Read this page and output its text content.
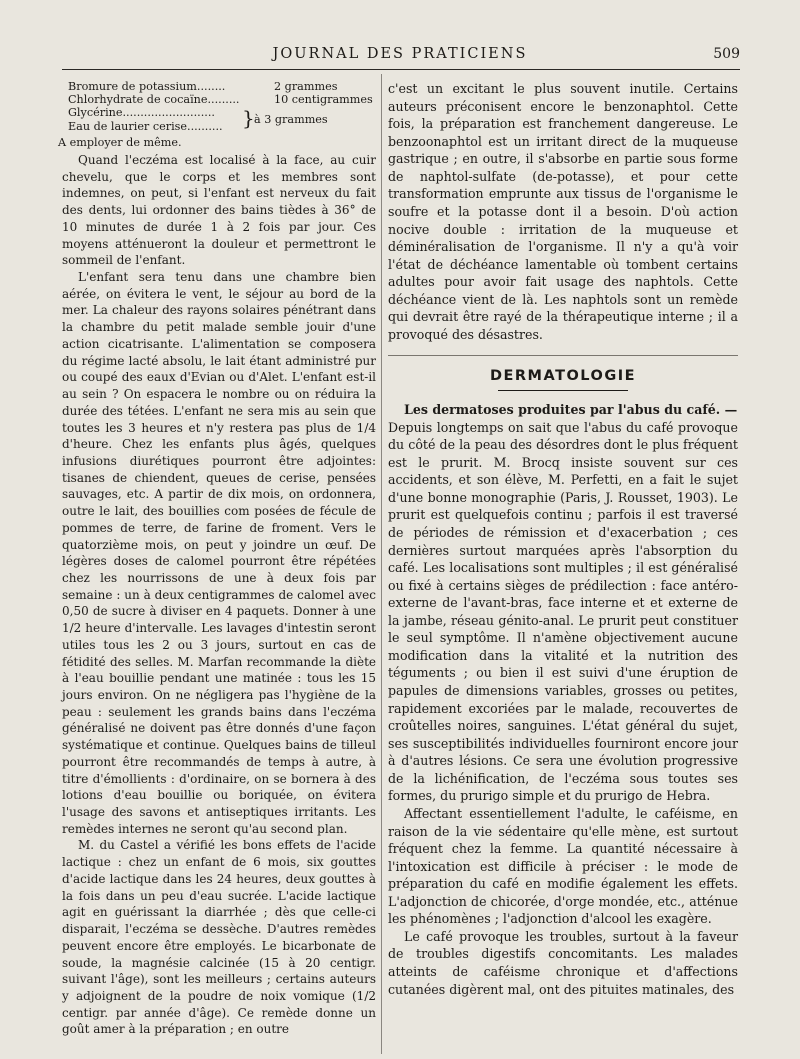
JOURNAL DES PRATICIENS	509
Bromure de potassium........	2 grammes
Chlorhydrate de cocaïne.........	10 centigrammes
Glycérine.......................... } à 3 grammes
Eau de laurier cerise..........
A employer de même.

Quand l'eczéma est localisé à la face, au cuir chevelu, que le corps et les membres sont indemnes, on peut, si l'enfant est nerveux du fait des dents, lui ordonner des bains tièdes à 36° de 10 minutes de durée 1 à 2 fois par jour. Ces moyens atténueront la douleur et permettront le sommeil de l'enfant.

L'enfant sera tenu dans une chambre bien aérée, on évitera le vent, le séjour au bord de la mer. La chaleur des rayons solaires pénétrant dans la chambre du petit malade semble jouir d'une action cicatrisante. L'alimentation se composera du régime lacté absolu, le lait étant administré pur ou coupé des eaux d'Evian ou d'Alet. L'enfant est-il au sein ? On espacera le nombre ou on réduira la durée des tétées. L'enfant ne sera mis au sein que toutes les 3 heures et n'y restera pas plus de 1/4 d'heure. Chez les enfants plus âgés, quelques infusions diurétiques pourront être adjointes: tisanes de chiendent, queues de cerise, pensées sauvages, etc. A partir de dix mois, on ordonnera, outre le lait, des bouillies com posées de fécule de pommes de terre, de farine de froment. Vers le quatorzième mois, on peut y joindre un œuf. De légères doses de calomel pourront être répétées chez les nourrissons de une à deux fois par semaine : un à deux centigrammes de calomel avec 0,50 de sucre à diviser en 4 paquets. Donner à une 1/2 heure d'intervalle. Les lavages d'intestin seront utiles tous les 2 ou 3 jours, surtout en cas de fétidité des selles. M. Marfan recommande la diète à l'eau bouillie pendant une matinée : tous les 15 jours environ. On ne négligera pas l'hygiène de la peau : seulement les grands bains dans l'eczéma généralisé ne doivent pas être donnés d'une façon systématique et continue. Quelques bains de tilleul pourront être recommandés de temps à autre, à titre d'émollients : d'ordinaire, on se bornera à des lotions d'eau bouillie ou boriquée, on évitera l'usage des savons et antiseptiques irritants. Les remèdes internes ne seront qu'au second plan.

M. du Castel a vérifié les bons effets de l'acide lactique : chez un enfant de 6 mois, six gouttes d'acide lactique dans les 24 heures, deux gouttes à la fois dans un peu d'eau sucrée. L'acide lactique agit en guérissant la diarrhée ; dès que celle-ci disparait, l'eczéma se dessèche. D'autres remèdes peuvent encore être employés. Le bicarbonate de soude, la magnésie calcinée (15 à 20 centigr. suivant l'âge), sont les meilleurs ; certains auteurs y adjoignent de la poudre de noix vomique (1/2 centigr. par année d'âge). Ce remède donne un goût amer à la préparation ; en outre

c'est un excitant le plus souvent inutile. Certains auteurs préconisent encore le benzonaphtol. Cette fois, la préparation est franchement dangereuse. Le benzoonaphtol est un irritant direct de la muqueuse gastrique ; en outre, il s'absorbe en partie sous forme de naphtol-sulfate (de-potasse), et pour cette transformation emprunte aux tissus de l'organisme le soufre et la potasse dont il a besoin. D'où action nocive double : irritation de la muqueuse et déminéralisation de l'organisme. Il n'y a qu'à voir l'état de déchéance lamentable où tombent certains adultes pour avoir fait usage des naphtols. Cette déchéance vient de là. Les naphtols sont un remède qui devrait être rayé de la thérapeutique interne ; il a provoqué des désastres.

DERMATOLOGIE

Les dermatoses produites par l'abus du café. —

Depuis longtemps on sait que l'abus du café provoque du côté de la peau des désordres dont le plus fréquent est le prurit. M. Brocq insiste souvent sur ces accidents, et son élève, M. Perfetti, en a fait le sujet d'une bonne monographie (Paris, J. Rousset, 1903). Le prurit est quelquefois continu ; parfois il est traversé de périodes de rémission et d'exacerbation ; ces dernières surtout marquées après l'absorption du café. Les localisations sont multiples ; il est généralisé ou fixé à certains sièges de prédilection : face antéro-externe de l'avant-bras, face interne et et externe de la jambe, réseau génito-anal. Le prurit peut constituer le seul symptôme. Il n'amène objectivement aucune modification dans la vitalité et la nutrition des téguments ; ou bien il est suivi d'une éruption de papules de dimensions variables, grosses ou petites, rapidement excoriées par le malade, recouvertes de croûtelles noires, sanguines. L'état général du sujet, ses susceptibilités individuelles fourniront encore jour à d'autres lésions. Ce sera une évolution progressive de la lichénification, de l'eczéma sous toutes ses formes, du prurigo simple et du prurigo de Hebra.

Affectant essentiellement l'adulte, le caféisme, en raison de la vie sédentaire qu'elle mène, est surtout fréquent chez la femme. La quantité nécessaire à l'intoxication est difficile à préciser : le mode de préparation du café en modifie également les effets. L'adjonction de chicorée, d'orge mondée, etc., atténue les phénomènes ; l'adjonction d'alcool les exagère.

Le café provoque les troubles, surtout à la faveur de troubles digestifs concomitants. Les malades atteints de caféisme chronique et d'affections cutanées digèrent mal, ont des pituites matinales, des
